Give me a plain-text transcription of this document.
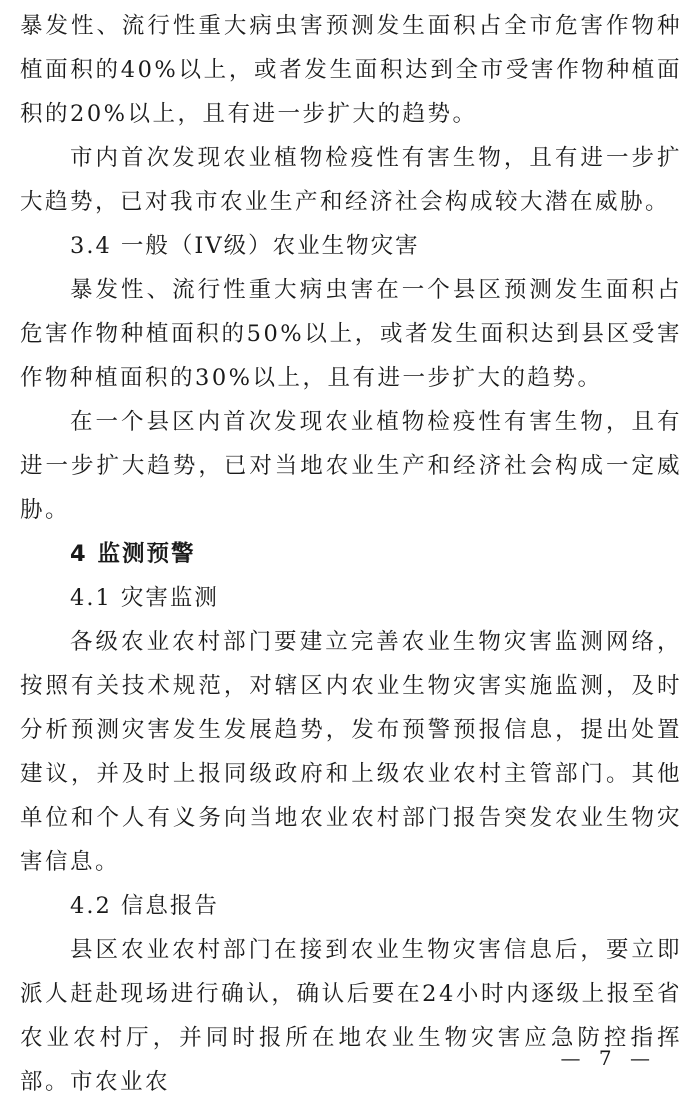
暴发性、流行性重大病虫害预测发生面积占全市危害作物种植面积的40%以上，或者发生面积达到全市受害作物种植面积的20%以上，且有进一步扩大的趋势。

市内首次发现农业植物检疫性有害生物，且有进一步扩大趋势，已对我市农业生产和经济社会构成较大潜在威胁。

3.4 一般（IV级）农业生物灾害

暴发性、流行性重大病虫害在一个县区预测发生面积占危害作物种植面积的50%以上，或者发生面积达到县区受害作物种植面积的30%以上，且有进一步扩大的趋势。

在一个县区内首次发现农业植物检疫性有害生物，且有进一步扩大趋势，已对当地农业生产和经济社会构成一定威胁。

4 监测预警

4.1 灾害监测

各级农业农村部门要建立完善农业生物灾害监测网络，按照有关技术规范，对辖区内农业生物灾害实施监测，及时分析预测灾害发生发展趋势，发布预警预报信息，提出处置建议，并及时上报同级政府和上级农业农村主管部门。其他单位和个人有义务向当地农业农村部门报告突发农业生物灾害信息。

4.2 信息报告

县区农业农村部门在接到农业生物灾害信息后，要立即派人赶赴现场进行确认，确认后要在24小时内逐级上报至省农业农村厅，并同时报所在地农业生物灾害应急防控指挥部。市农业农

— 7 —
